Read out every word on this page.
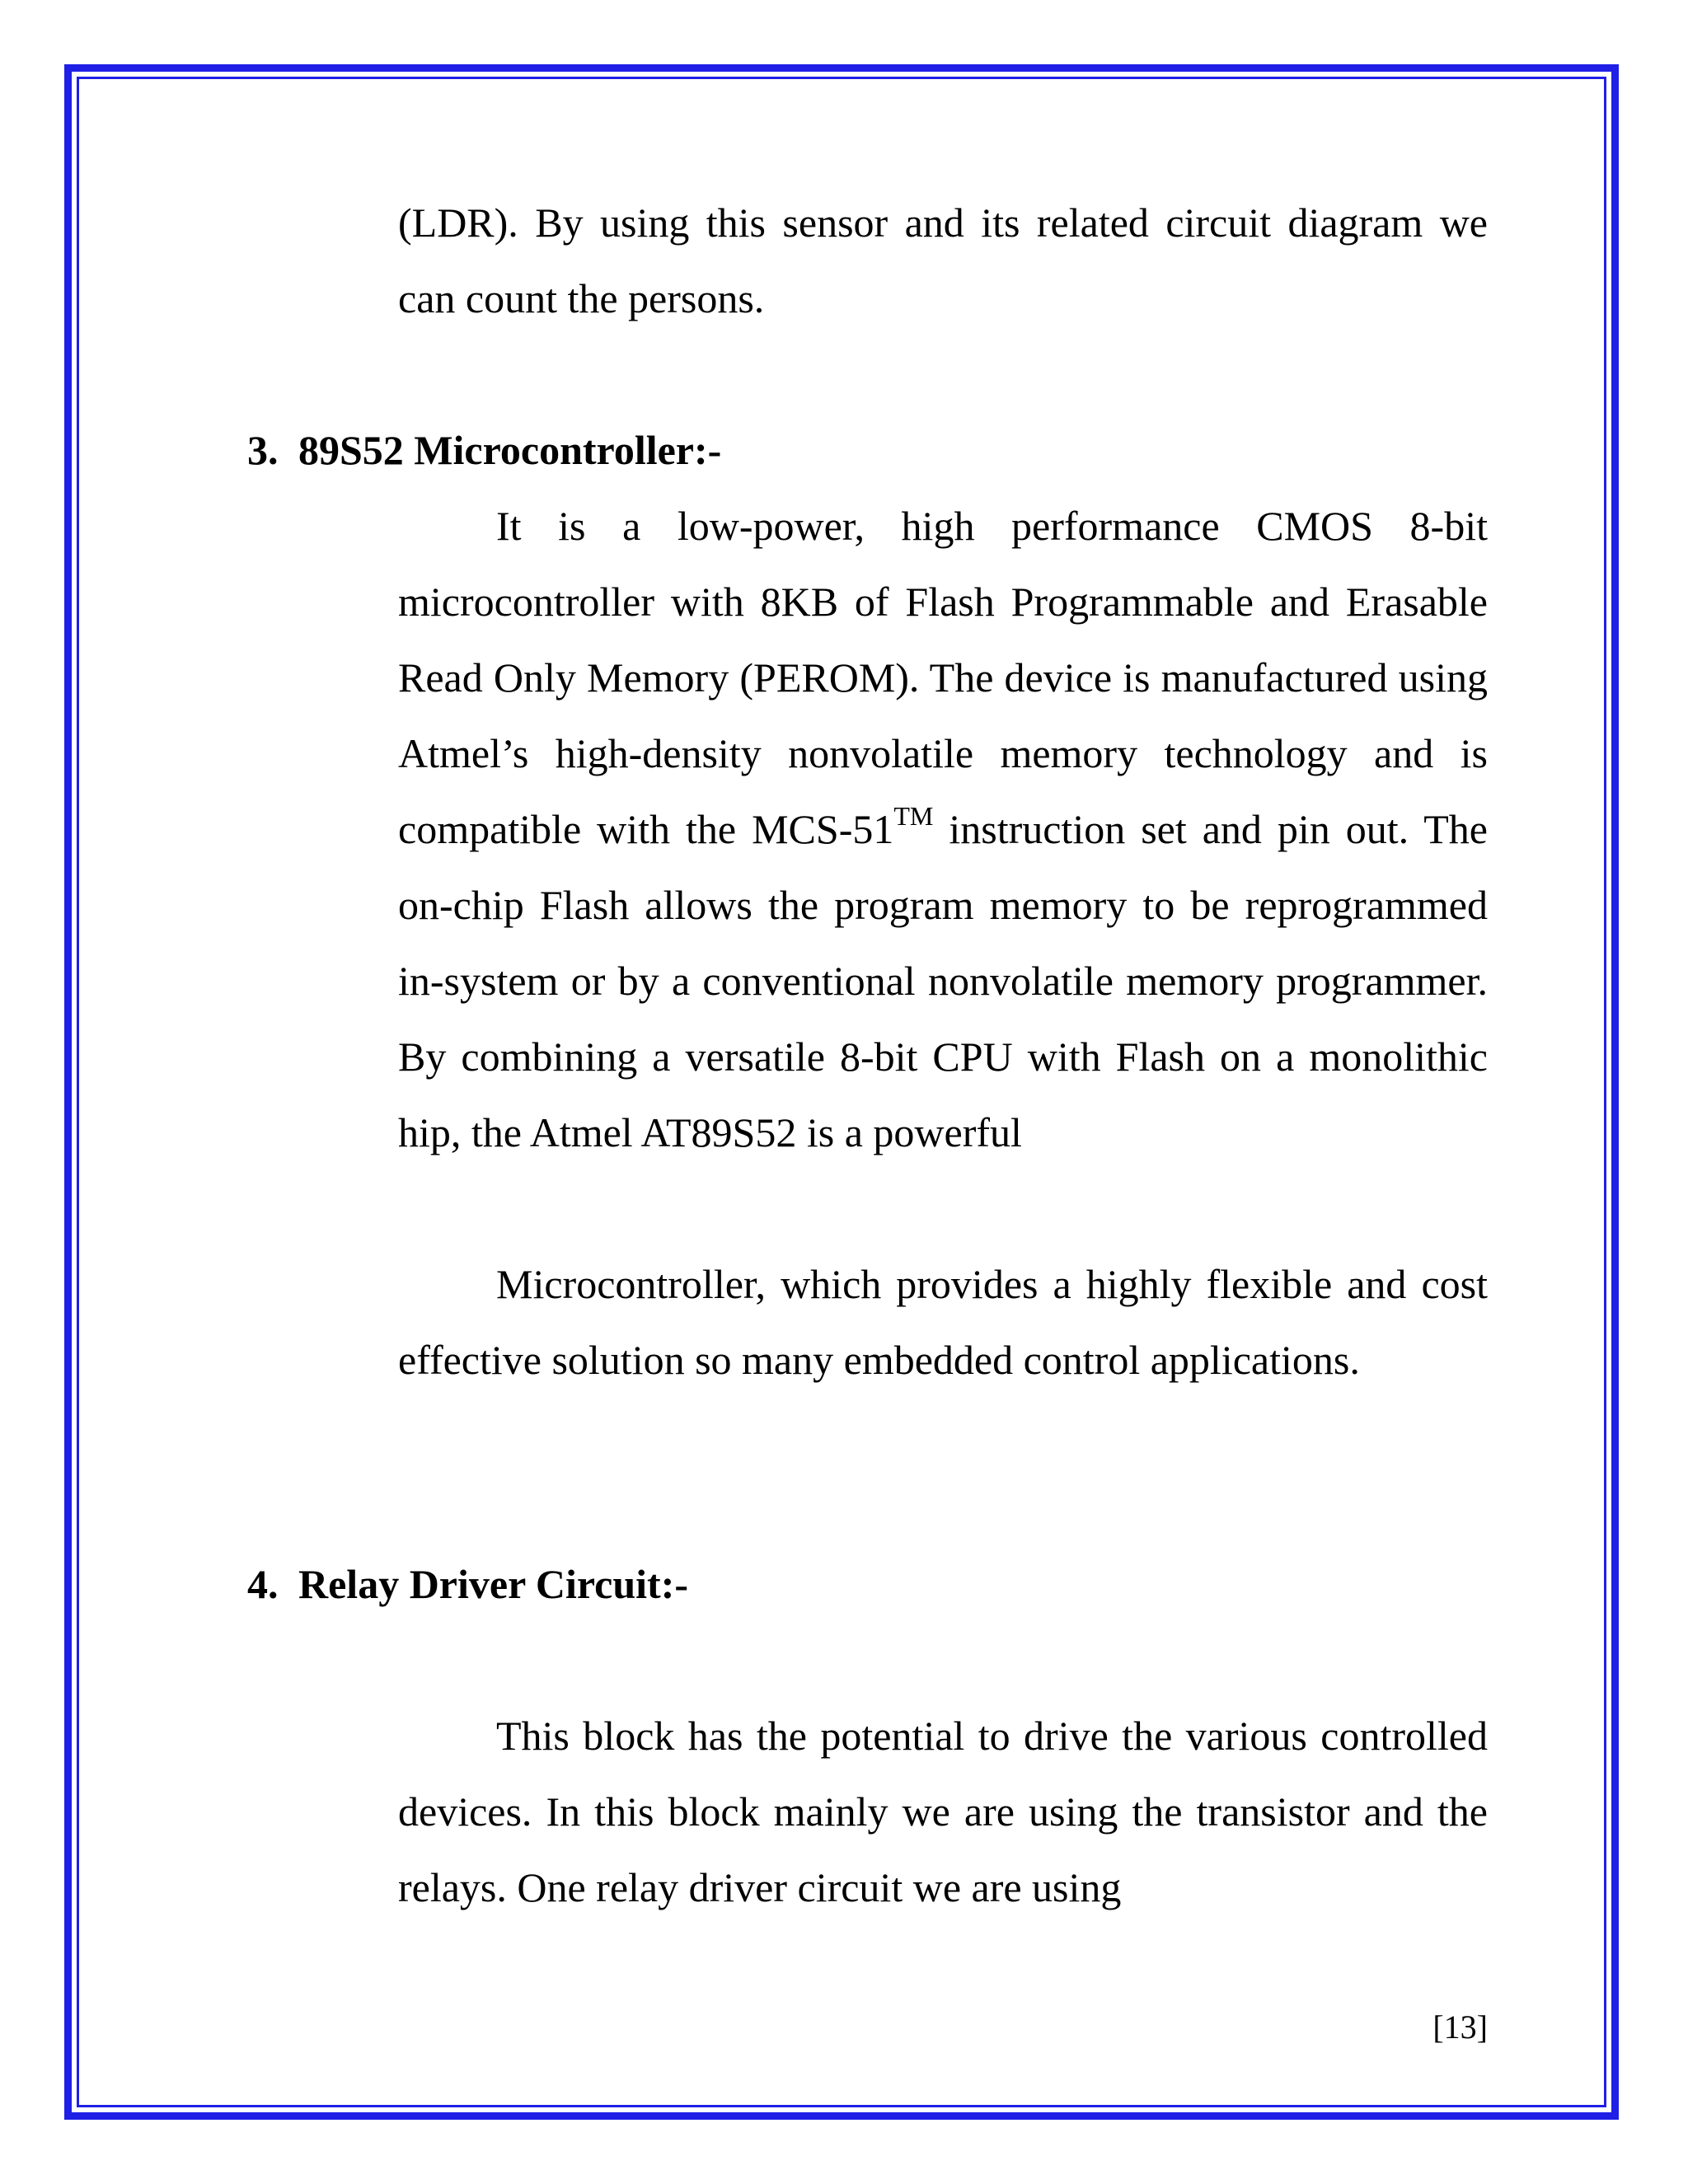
(LDR). By using this sensor and its related circuit diagram we can count the persons.

3. 89S52 Microcontroller:-

It is a low-power, high performance CMOS 8-bit microcontroller with 8KB of Flash Programmable and Erasable Read Only Memory (PEROM). The device is manufactured using Atmel’s high-density nonvolatile memory technology and is compatible with the MCS-51™ instruction set and pin out. The on-chip Flash allows the program memory to be reprogrammed in-system or by a conventional nonvolatile memory programmer. By combining a versatile 8-bit CPU with Flash on a monolithic hip, the Atmel AT89S52 is a powerful

Microcontroller, which provides a highly flexible and cost effective solution so many embedded control applications.

4. Relay Driver Circuit:-

This block has the potential to drive the various controlled devices. In this block mainly we are using the transistor and the relays. One relay driver circuit we are using

[13]
